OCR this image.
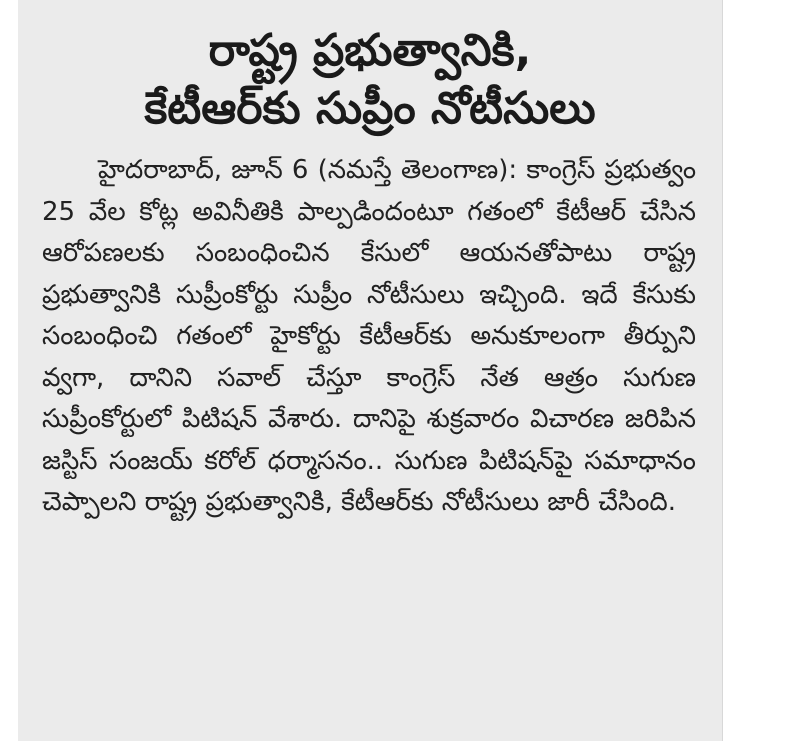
రాష్ట్ర ప్రభుత్వానికి,
కేటీఆర్‌కు సుప్రీం నోటీసులు

హైదరాబాద్‌, జూన్‌ 6 (నమస్తే తెలంగాణ): కాంగ్రెస్‌ ప్రభుత్వం 25 వేల కోట్ల అవినీతికి పాల్పడిందంటూ గతంలో కేటీఆర్‌ చేసిన ఆరోపణలకు సంబంధించిన కేసులో ఆయనతోపాటు రాష్ట్ర ప్రభుత్వానికి సుప్రీంకోర్టు సుప్రీం నోటీసులు ఇచ్చింది. ఇదే కేసుకు సంబంధించి గతంలో హైకోర్టు కేటీఆర్‌కు అనుకూలంగా తీర్పుని వ్వగా, దానిని సవాల్‌ చేస్తూ కాంగ్రెస్‌ నేత ఆత్రం సుగుణ సుప్రీంకోర్టులో పిటిషన్‌ వేశారు. దానిపై శుక్రవారం విచారణ జరిపిన జస్టిస్‌ సంజయ్‌ కరోల్‌ ధర్మాసనం.. సుగుణ పిటిషన్‌పై సమాధానం చెప్పాలని రాష్ట్ర ప్రభుత్వానికి, కేటీఆర్‌కు నోటీసులు జారీ చేసింది.
